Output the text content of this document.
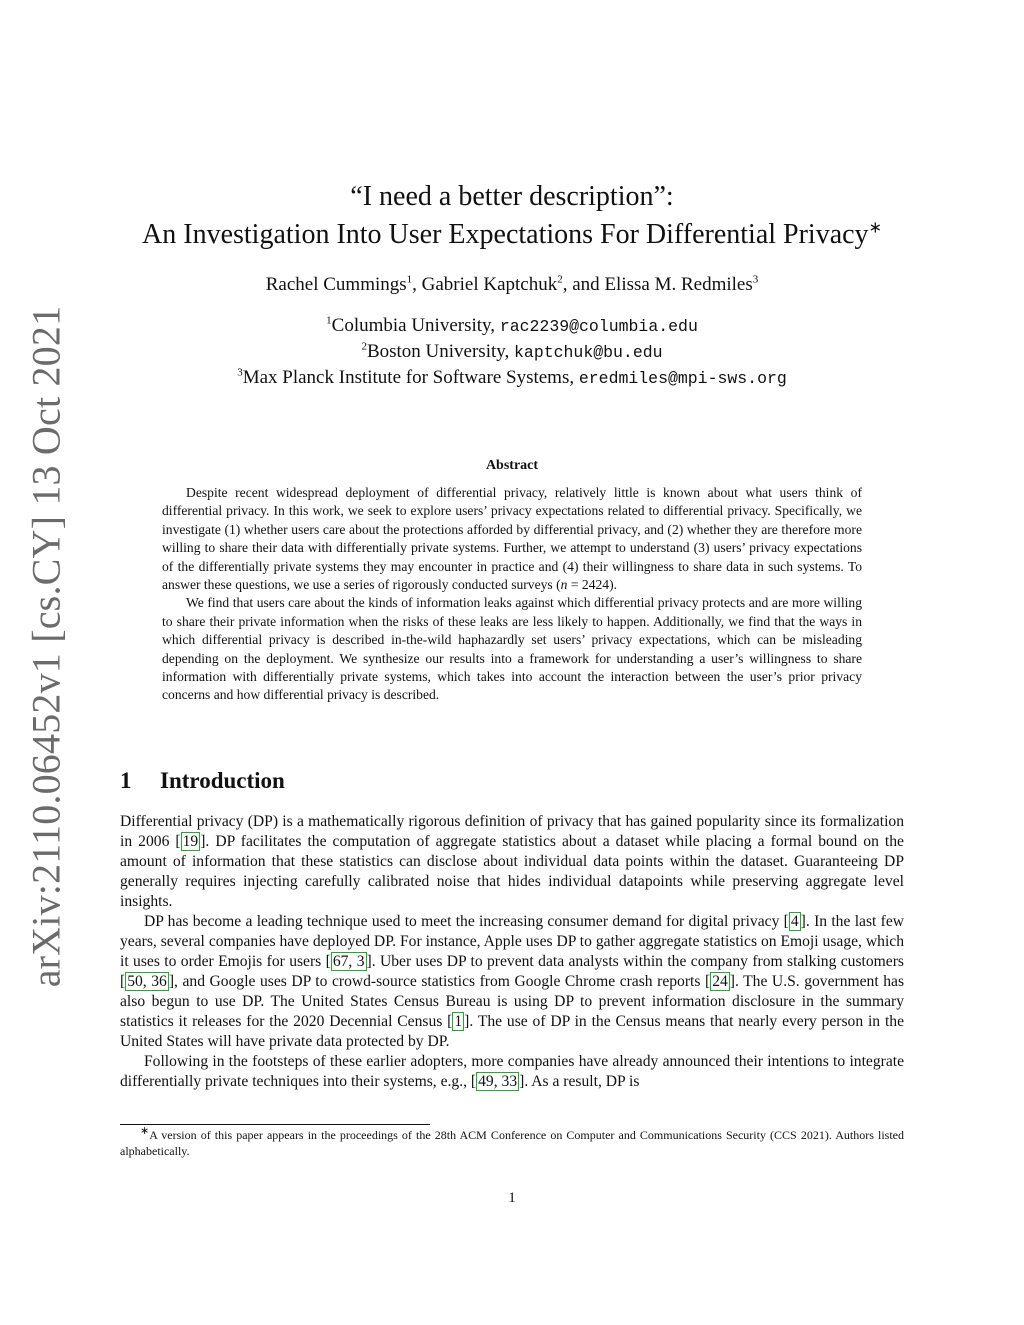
arXiv:2110.06452v1 [cs.CY] 13 Oct 2021
“I need a better description”:
An Investigation Into User Expectations For Differential Privacy∗
Rachel Cummings$^1$, Gabriel Kaptchuk$^2$, and Elissa M. Redmiles$^3$
$^1$Columbia University, rac2239@columbia.edu
$^2$Boston University, kaptchuk@bu.edu
$^3$Max Planck Institute for Software Systems, eredmiles@mpi-sws.org
Abstract

Despite recent widespread deployment of differential privacy, relatively little is known about what users think of differential privacy. In this work, we seek to explore users’ privacy expectations related to differential privacy. Specifically, we investigate (1) whether users care about the protections afforded by differential privacy, and (2) whether they are therefore more willing to share their data with differentially private systems. Further, we attempt to understand (3) users’ privacy expectations of the differentially private systems they may encounter in practice and (4) their willingness to share data in such systems. To answer these questions, we use a series of rigorously conducted surveys (n = 2424).

We find that users care about the kinds of information leaks against which differential privacy protects and are more willing to share their private information when the risks of these leaks are less likely to happen. Additionally, we find that the ways in which differential privacy is described in-the-wild haphazardly set users’ privacy expectations, which can be misleading depending on the deployment. We synthesize our results into a framework for understanding a user’s willingness to share information with differentially private systems, which takes into account the interaction between the user’s prior privacy concerns and how differential privacy is described.

1 Introduction

Differential privacy (DP) is a mathematically rigorous definition of privacy that has gained popularity since its formalization in 2006 [ 19 ]. DP facilitates the computation of aggregate statistics about a dataset while placing a formal bound on the amount of information that these statistics can disclose about individual data points within the dataset. Guaranteeing DP generally requires injecting carefully calibrated noise that hides individual datapoints while preserving aggregate level insights.

DP has become a leading technique used to meet the increasing consumer demand for digital privacy [ 4 ]. In the last few years, several companies have deployed DP. For instance, Apple uses DP to gather aggregate statistics on Emoji usage, which it uses to order Emojis for users [ 67, 3 ]. Uber uses DP to prevent data analysts within the company from stalking customers [ 50, 36 ], and Google uses DP to crowd-source statistics from Google Chrome crash reports [ 24 ]. The U.S. government has also begun to use DP. The United States Census Bureau is using DP to prevent information disclosure in the summary statistics it releases for the 2020 Decennial Census [ 1 ]. The use of DP in the Census means that nearly every person in the United States will have private data protected by DP.

Following in the footsteps of these earlier adopters, more companies have already announced their intentions to integrate differentially private techniques into their systems, e.g., [ 49, 33 ]. As a result, DP is

∗A version of this paper appears in the proceedings of the 28th ACM Conference on Computer and Communications Security (CCS 2021). Authors listed alphabetically.

1
